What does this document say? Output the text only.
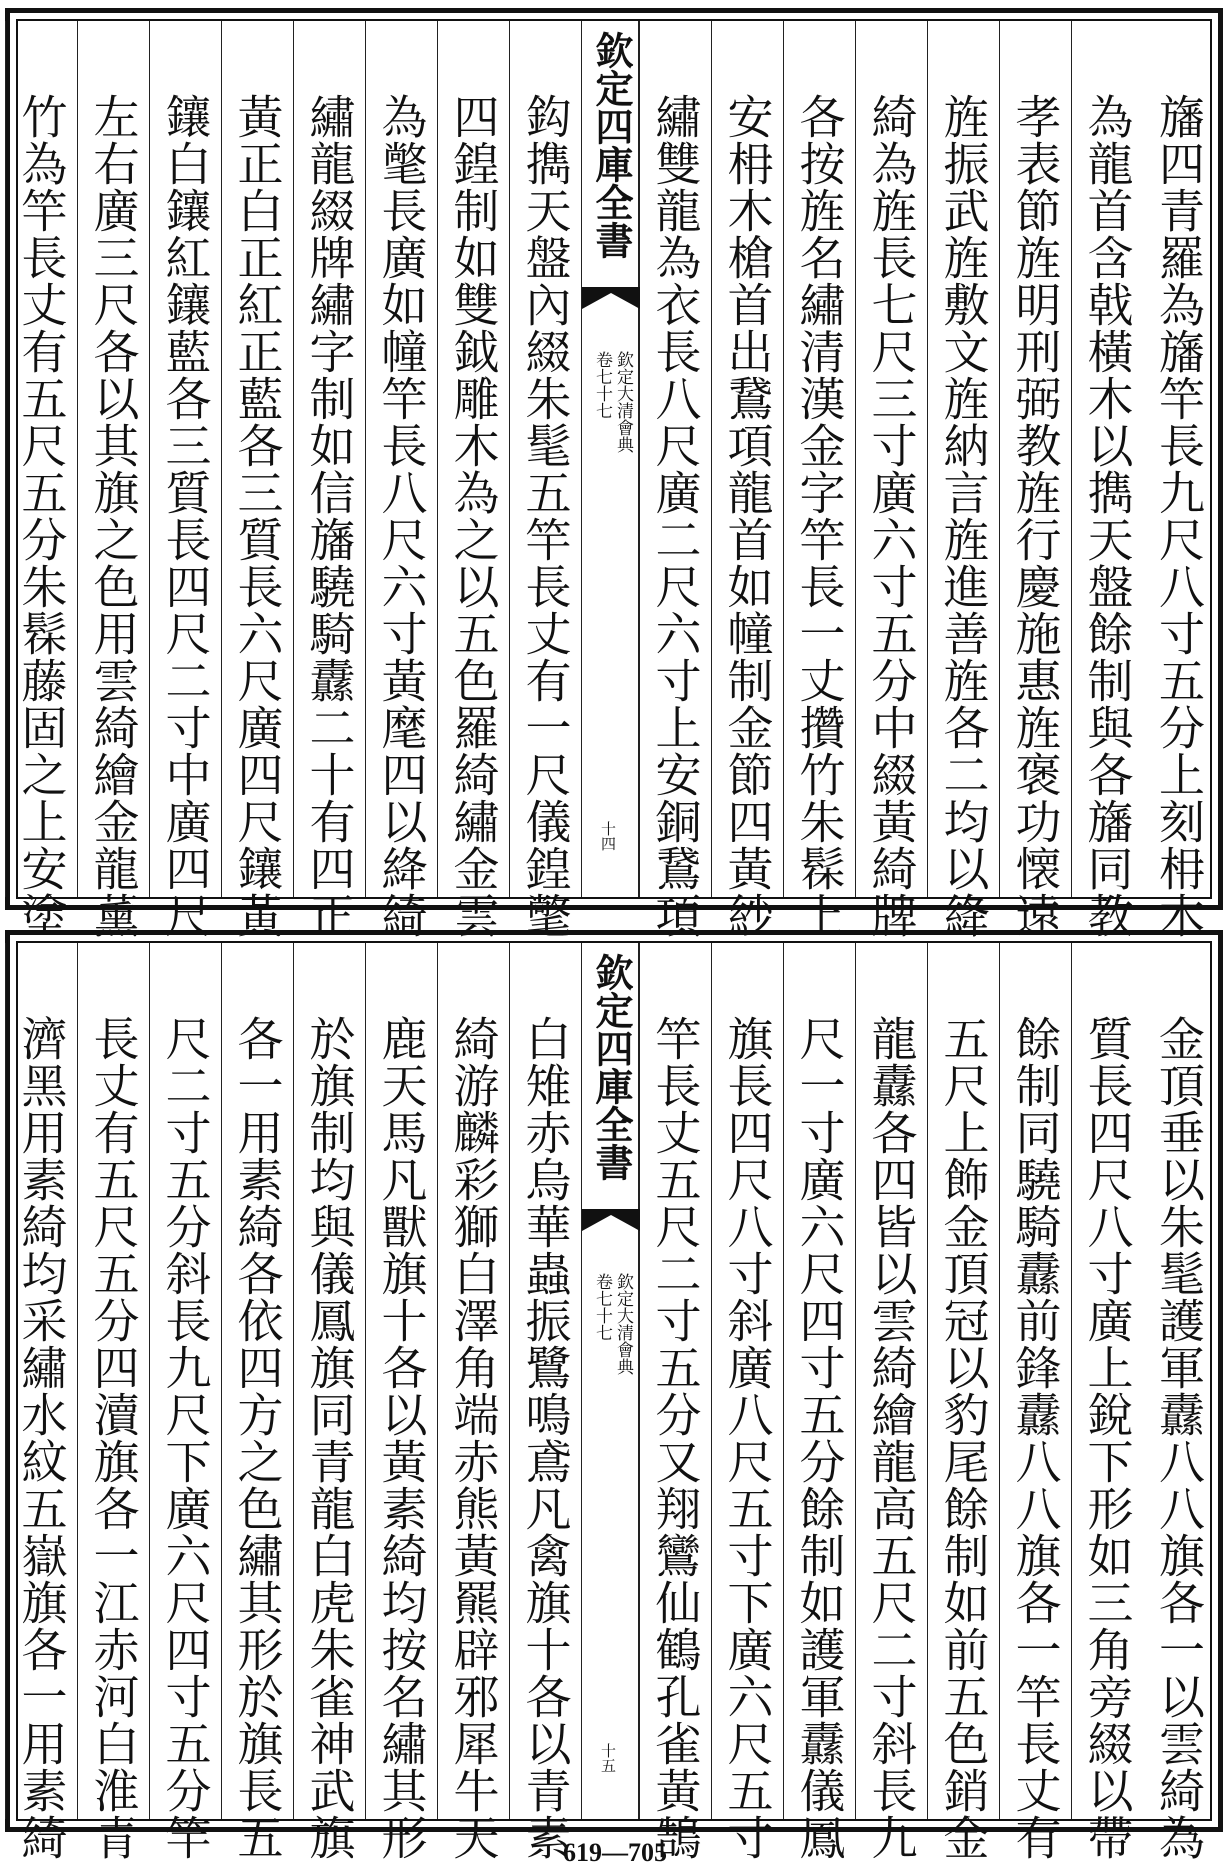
旛四青羅為旛竿長九尺八寸五分上刻枏木
為龍首含戟橫木以擕天盤餘制與各旛同教
孝表節旌明刑弼教旌行慶施惠旌褒功懐遠
旌振武旌敷文旌納言旌進善旌各二均以絳
綺為旌長七尺三寸廣六寸五分中綴黃綺牌
各按旌名繡清漢金字竿長一丈攢竹朱髹上
安枏木槍首出鵞項龍首如幢制金節四黃紗
繡雙龍為衣長八尺廣二尺六寸上安銅鵞項
欽定四庫全書
欽定大清會典
卷七十七
十四
鈎擕天盤內綴朱髦五竿長丈有一尺儀鍠氅
四鍠制如雙鉞雕木為之以五色羅綺繡金雲
為氅長廣如幢竿長八尺六寸黃麾四以絳綺
繡龍綴牌繡字制如信旛驍騎纛二十有四正
黃正白正紅正藍各三質長六尺廣四尺鑲黃
鑲白鑲紅鑲藍各三質長四尺二寸中廣四尺
左右廣三尺各以其旗之色用雲綺繪金龍薰
竹為竿長丈有五尺五分朱髹藤固之上安塗
金頂垂以朱髦護軍纛八八旗各一以雲綺為
質長四尺八寸廣上銳下形如三角旁綴以帶
餘制同驍騎纛前鋒纛八八旗各一竿長丈有
五尺上飾金頂冠以豹尾餘制如前五色銷金
龍纛各四皆以雲綺繪龍高五尺二寸斜長九
尺一寸廣六尺四寸五分餘制如護軍纛儀鳳
旗長四尺八寸斜廣八尺五寸下廣六尺五寸
竿長丈五尺二寸五分又翔鸞仙鶴孔雀黃鵠
欽定四庫全書
欽定大清會典
卷七十七
十五
白雉赤烏華蟲振鷺鳴鳶凡禽旗十各以青素
綺游麟彩獅白澤角端赤熊黃羆辟邪犀牛天
鹿天馬凡獸旗十各以黃素綺均按名繡其形
於旗制均與儀鳳旗同青龍白虎朱雀神武旗
各一用素綺各依四方之色繡其形於旗長五
尺二寸五分斜長九尺下廣六尺四寸五分竿
長丈有五尺五分四瀆旗各一江赤河白淮青
濟黑用素綺均采繡水紋五嶽旗各一用素綺	619—705
